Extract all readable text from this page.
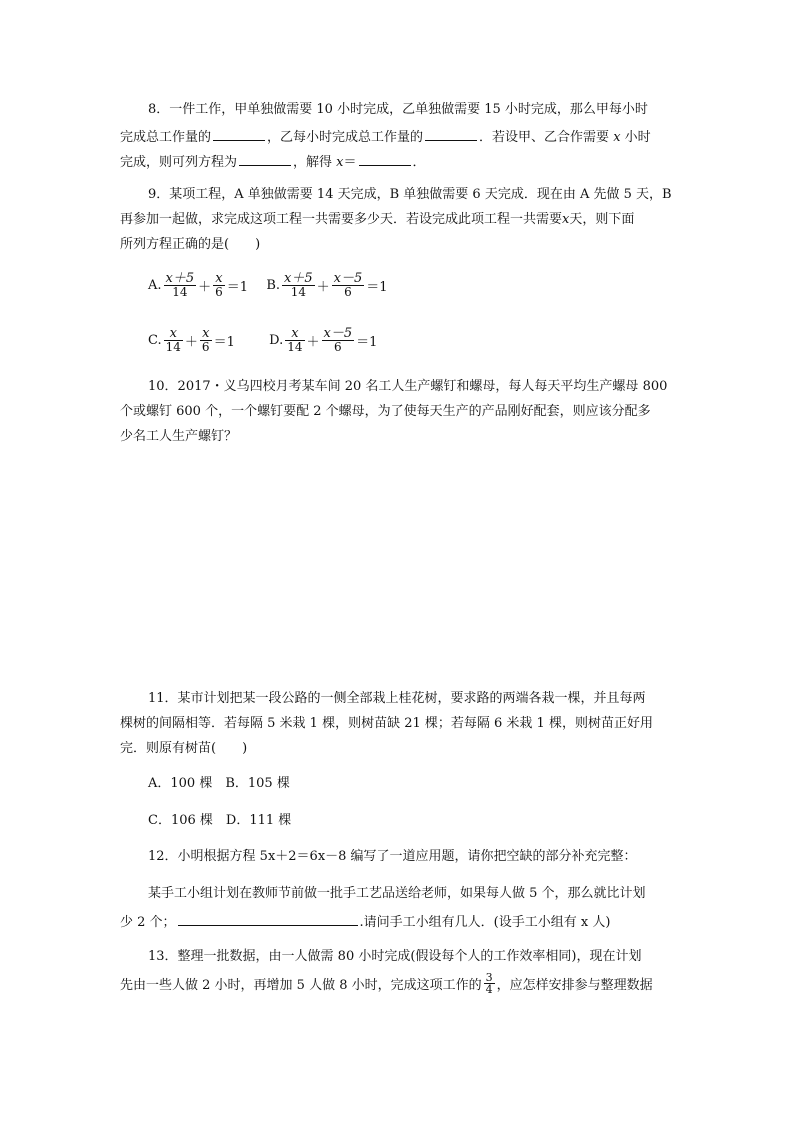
8．一件工作，甲单独做需要 10 小时完成，乙单独做需要 15 小时完成，那么甲每小时
完成总工作量的	，乙每小时完成总工作量的	．若设甲、乙合作需要 x 小时
完成，则可列方程为	，解得 x＝	．
9．某项工程，A 单独做需要 14 天完成，B 单独做需要 6 天完成．现在由 A 先做 5 天，B
再参加一起做，求完成这项工程一共需要多少天．若设完成此项工程一共需要x天，则下面
所列方程正确的是(　　)
A. $\frac{x+5}{14} + \frac{x}{6} =1$ B. $\frac{x+5}{14} + \frac{x-5}{6} =1$
C. $\frac{x}{14} + \frac{x}{6} =1$	D. $\frac{x}{14} + \frac{x-5}{6} =1$
10．2017・义乌四校月考某车间 20 名工人生产螺钉和螺母，每人每天平均生产螺母 800
个或螺钉 600 个，一个螺钉要配 2 个螺母，为了使每天生产的产品刚好配套，则应该分配多
少名工人生产螺钉？
11．某市计划把某一段公路的一侧全部栽上桂花树，要求路的两端各栽一棵，并且每两
棵树的间隔相等．若每隔 5 米栽 1 棵，则树苗缺 21 棵；若每隔 6 米栽 1 棵，则树苗正好用
完．则原有树苗(　　)
A．100 棵　B．105 棵
C．106 棵　D．111 棵
12．小明根据方程 5x＋2＝6x－8 编写了一道应用题，请你把空缺的部分补充完整：
某手工小组计划在教师节前做一批手工艺品送给老师，如果每人做 5 个，那么就比计划
少 2 个；	.请问手工小组有几人．(设手工小组有 x 人)
13．整理一批数据，由一人做需 80 小时完成(假设每个人的工作效率相同)，现在计划
先由一些人做 2 小时，再增加 5 人做 8 小时，完成这项工作的 $\frac{3}{4}$ ，应怎样安排参与整理数据
